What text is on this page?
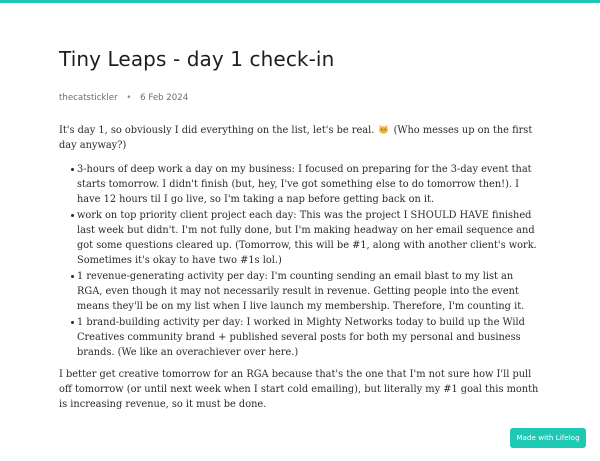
Tiny Leaps - day 1 check-in
thecatstickler • 6 Feb 2024

It's day 1, so obviously I did everything on the list, let's be real. (Who messes up on the first day anyway?)

3-hours of deep work a day on my business: I focused on preparing for the 3-day event that starts tomorrow. I didn't finish (but, hey, I've got something else to do tomorrow then!). I have 12 hours til I go live, so I'm taking a nap before getting back on it.
work on top priority client project each day: This was the project I SHOULD HAVE finished last week but didn't. I'm not fully done, but I'm making headway on her email sequence and got some questions cleared up. (Tomorrow, this will be #1, along with another client's work. Sometimes it's okay to have two #1s lol.)
1 revenue-generating activity per day: I'm counting sending an email blast to my list an RGA, even though it may not necessarily result in revenue. Getting people into the event means they'll be on my list when I live launch my membership. Therefore, I'm counting it.
1 brand-building activity per day: I worked in Mighty Networks today to build up the Wild Creatives community brand + published several posts for both my personal and business brands. (We like an overachiever over here.)

I better get creative tomorrow for an RGA because that's the one that I'm not sure how I'll pull off tomorrow (or until next week when I start cold emailing), but literally my #1 goal this month is increasing revenue, so it must be done.

Made with Lifelog
